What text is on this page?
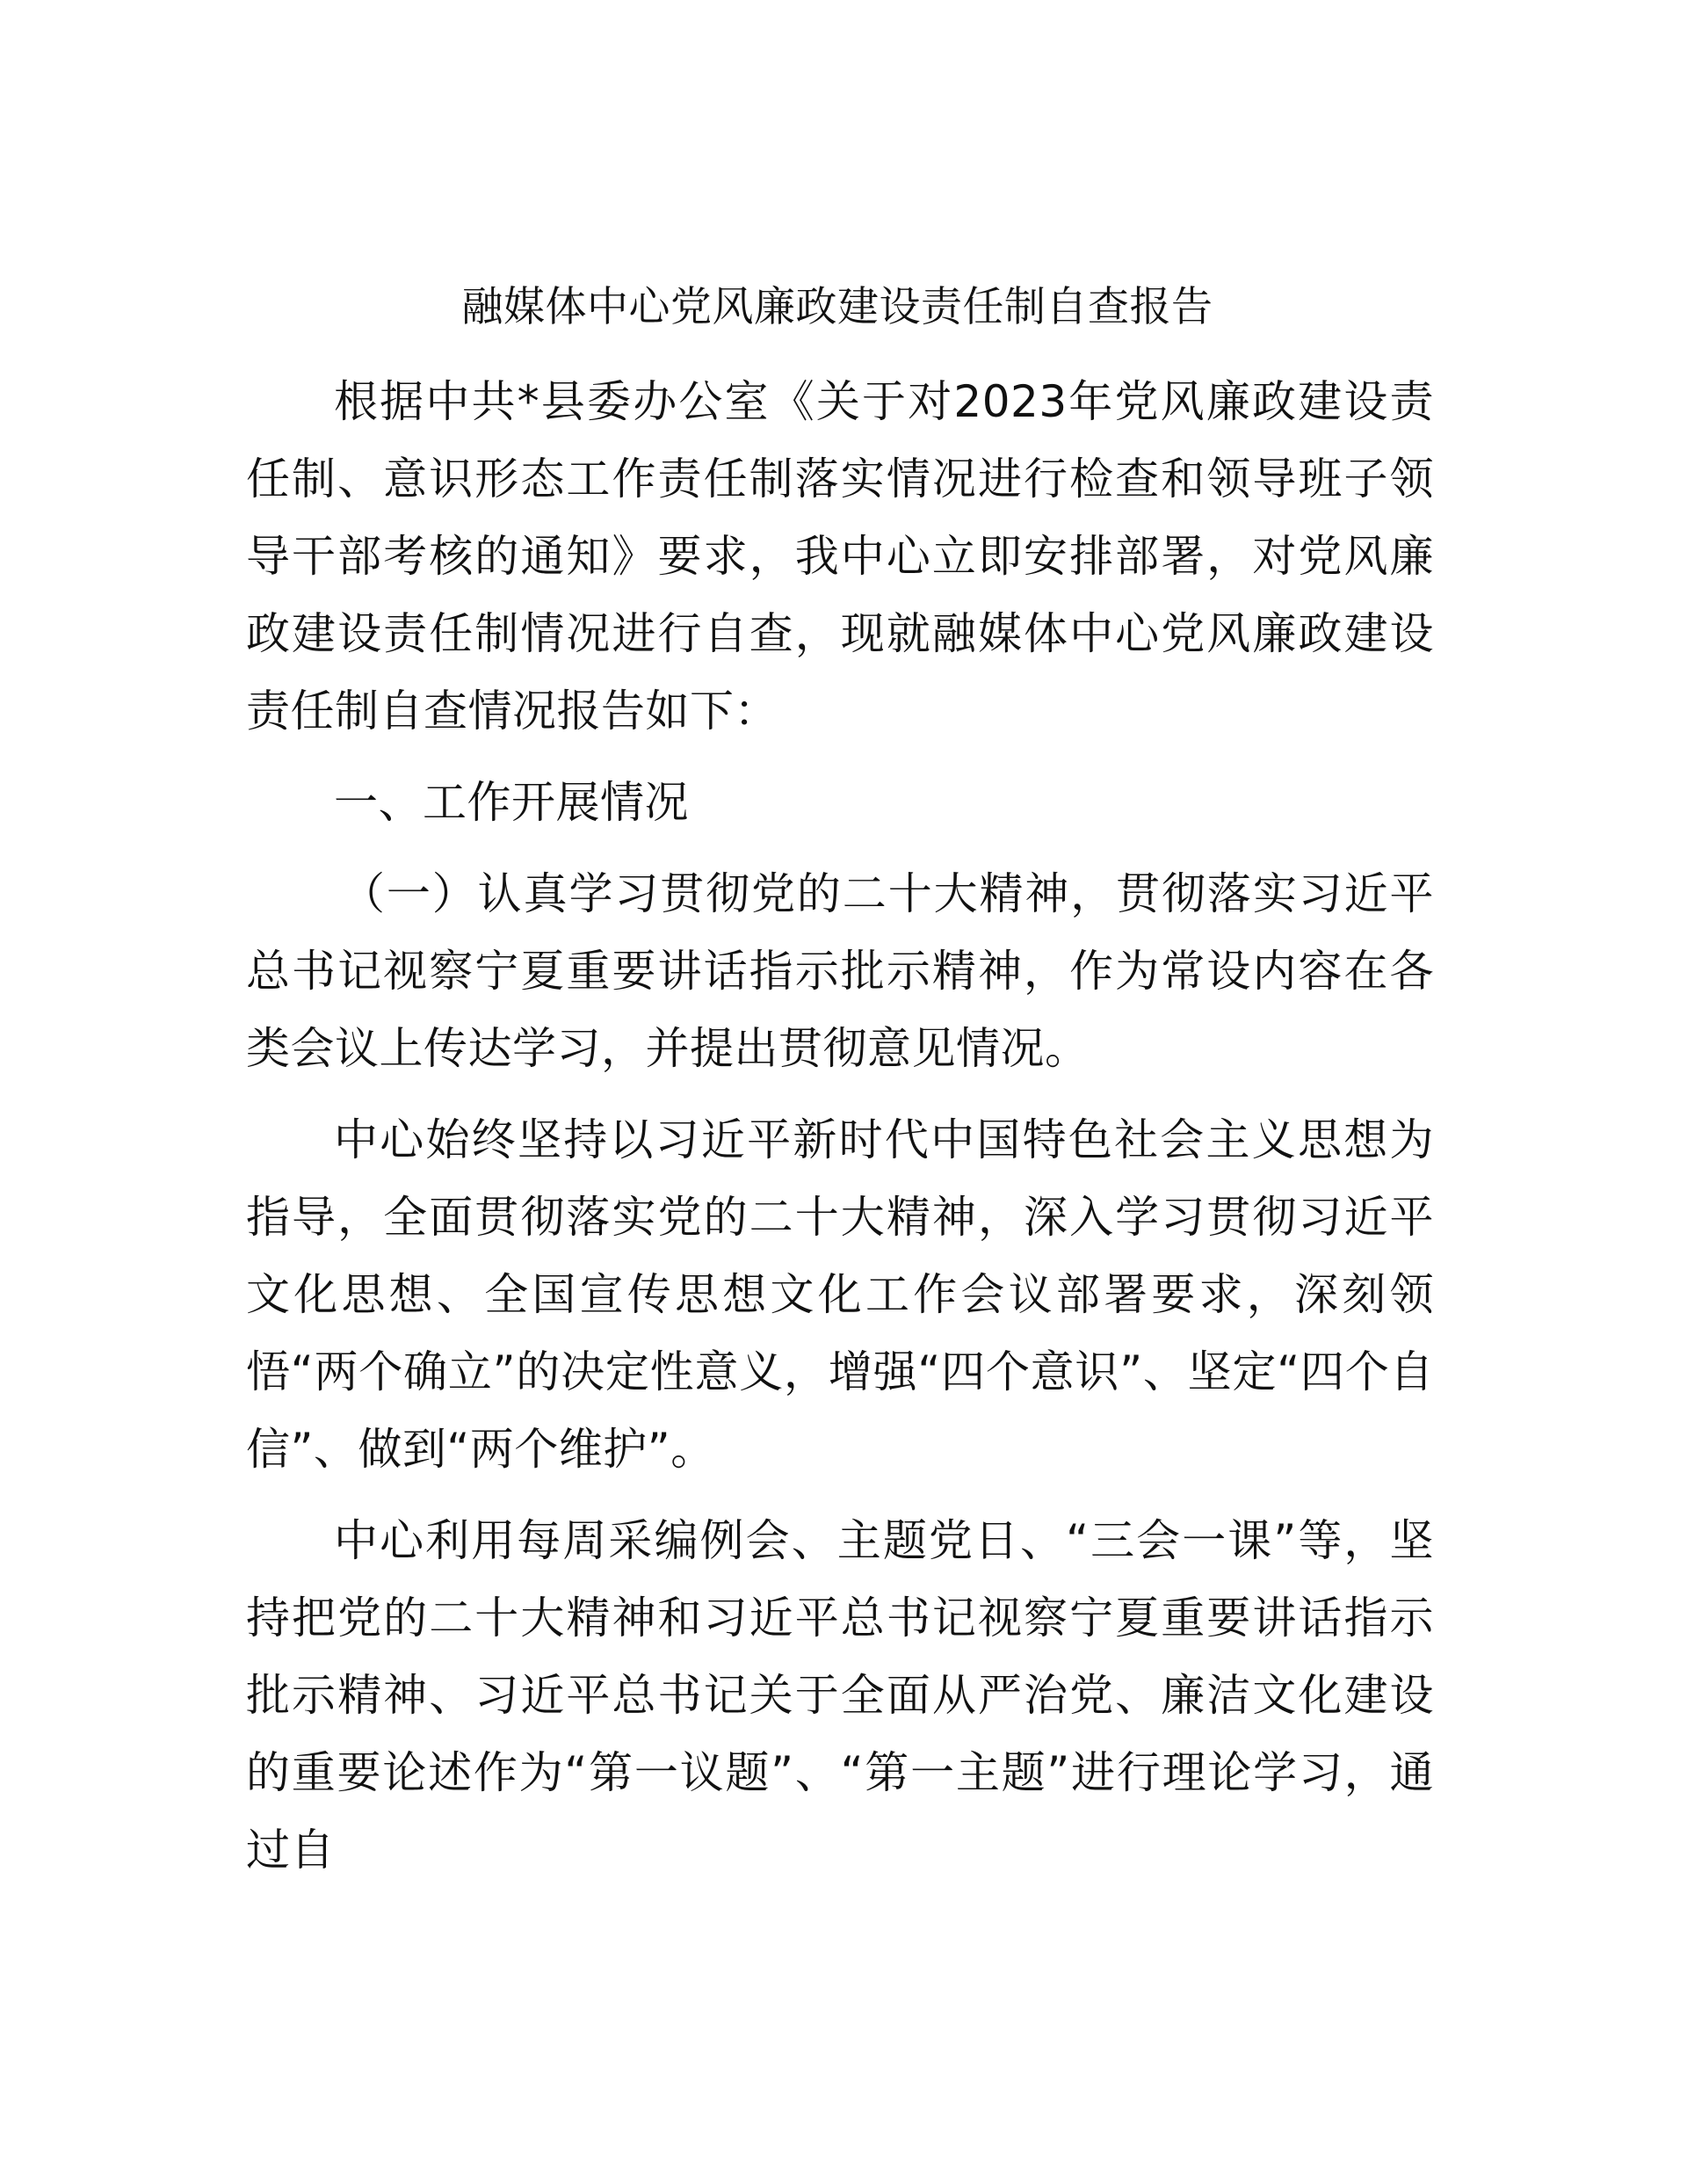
融媒体中心党风廉政建设责任制自查报告

根据中共*县委办公室《关于对2023年党风廉政建设责任制、意识形态工作责任制落实情况进行检查和领导班子领导干部考核的通知》要求，我中心立即安排部署，对党风廉政建设责任制情况进行自查，现就融媒体中心党风廉政建设责任制自查情况报告如下：

一、工作开展情况

（一）认真学习贯彻党的二十大精神，贯彻落实习近平总书记视察宁夏重要讲话指示批示精神，作为常设内容在各类会议上传达学习，并提出贯彻意见情况。

中心始终坚持以习近平新时代中国特色社会主义思想为指导，全面贯彻落实党的二十大精神，深入学习贯彻习近平文化思想、全国宣传思想文化工作会议部署要求，深刻领悟“两个确立”的决定性意义，增强“四个意识”、坚定“四个自信”、做到“两个维护”。

中心利用每周采编例会、主题党日、“三会一课”等，坚持把党的二十大精神和习近平总书记视察宁夏重要讲话指示批示精神、习近平总书记关于全面从严治党、廉洁文化建设的重要论述作为“第一议题”、“第一主题”进行理论学习，通过自
